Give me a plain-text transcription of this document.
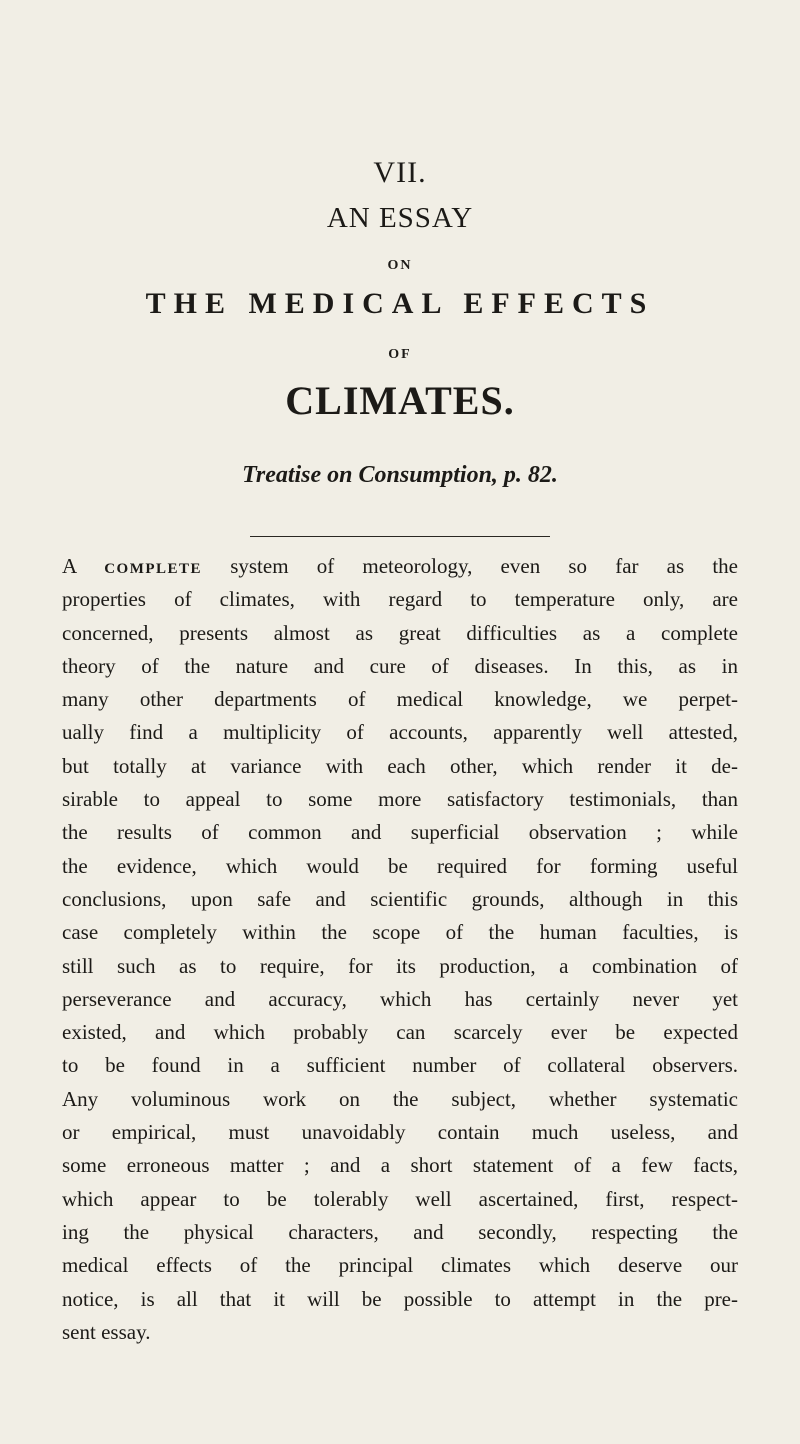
VII.
AN ESSAY
ON
THE MEDICAL EFFECTS
OF
CLIMATES.
Treatise on Consumption, p. 82.
A COMPLETE system of meteorology, even so far as the
properties of climates, with regard to temperature only, are
concerned, presents almost as great difficulties as a complete
theory of the nature and cure of diseases. In this, as in
many other departments of medical knowledge, we perpet-
ually find a multiplicity of accounts, apparently well attested,
but totally at variance with each other, which render it de-
sirable to appeal to some more satisfactory testimonials, than
the results of common and superficial observation ; while
the evidence, which would be required for forming useful
conclusions, upon safe and scientific grounds, although in this
case completely within the scope of the human faculties, is
still such as to require, for its production, a combination of
perseverance and accuracy, which has certainly never yet
existed, and which probably can scarcely ever be expected
to be found in a sufficient number of collateral observers.
Any voluminous work on the subject, whether systematic
or empirical, must unavoidably contain much useless, and
some erroneous matter ; and a short statement of a few facts,
which appear to be tolerably well ascertained, first, respect-
ing the physical characters, and secondly, respecting the
medical effects of the principal climates which deserve our
notice, is all that it will be possible to attempt in the pre-
sent essay.
